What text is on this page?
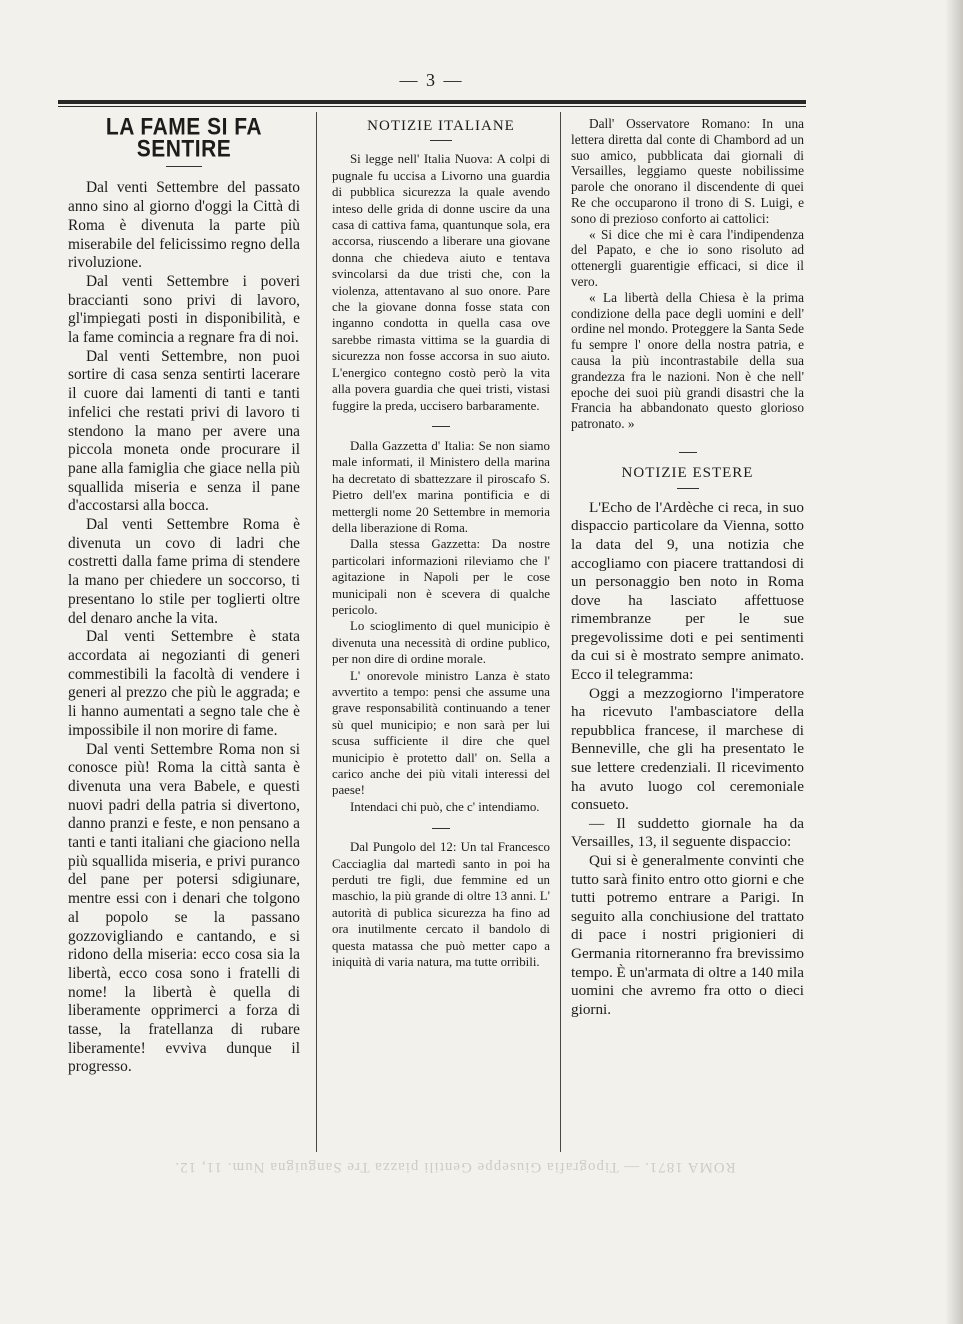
— 3 —
LA FAME SI FA SENTIRE

Dal venti Settembre del passato anno sino al giorno d'oggi la Città di Roma è divenuta la parte più miserabile del felicissimo regno della rivoluzione.

Dal venti Settembre i poveri braccianti sono privi di lavoro, gl'impiegati posti in disponibilità, e la fame comincia a regnare fra di noi.

Dal venti Settembre, non puoi sortire di casa senza sentirti lacerare il cuore dai lamenti di tanti e tanti infelici che restati privi di lavoro ti stendono la mano per avere una piccola moneta onde procurare il pane alla famiglia che giace nella più squallida miseria e senza il pane d'accostarsi alla bocca.

Dal venti Settembre Roma è divenuta un covo di ladri che costretti dalla fame prima di stendere la mano per chiedere un soccorso, ti presentano lo stile per toglierti oltre del denaro anche la vita.

Dal venti Settembre è stata accordata ai negozianti di generi commestibili la facoltà di vendere i generi al prezzo che più le aggrada; e li hanno aumentati a segno tale che è impossibile il non morire di fame.

Dal venti Settembre Roma non si conosce più! Roma la città santa è divenuta una vera Babele, e questi nuovi padri della patria si divertono, danno pranzi e feste, e non pensano a tanti e tanti italiani che giaciono nella più squallida miseria, e privi puranco del pane per potersi sdigiunare, mentre essi con i denari che tolgono al popolo se la passano gozzovigliando e cantando, e si ridono della miseria: ecco cosa sia la libertà, ecco cosa sono i fratelli di nome! la libertà è quella di liberamente opprimerci a forza di tasse, la fratellanza di rubare liberamente! evviva dunque il progresso.

NOTIZIE ITALIANE

Si legge nell' Italia Nuova: A colpi di pugnale fu uccisa a Livorno una guardia di pubblica sicurezza la quale avendo inteso delle grida di donne uscire da una casa di cattiva fama, quantunque sola, era accorsa, riuscendo a liberare una giovane donna che chiedeva aiuto e tentava svincolarsi da due tristi che, con la violenza, attentavano al suo onore. Pare che la giovane donna fosse stata con inganno condotta in quella casa ove sarebbe rimasta vittima se la guardia di sicurezza non fosse accorsa in suo aiuto. L'energico contegno costò però la vita alla povera guardia che quei tristi, vistasi fuggire la preda, uccisero barbaramente.

Dalla Gazzetta d' Italia: Se non siamo male informati, il Ministero della marina ha decretato di sbattezzare il piroscafo S. Pietro dell'ex marina pontificia e di mettergli nome 20 Settembre in memoria della liberazione di Roma.

Dalla stessa Gazzetta: Da nostre particolari informazioni rileviamo che l' agitazione in Napoli per le cose municipali non è scevera di qualche pericolo.

Lo scioglimento di quel municipio è divenuta una necessità di ordine publico, per non dire di ordine morale.

L' onorevole ministro Lanza è stato avvertito a tempo: pensi che assume una grave responsabilità continuando a tener sù quel municipio; e non sarà per lui scusa sufficiente il dire che quel municipio è protetto dall' on. Sella a carico anche dei più vitali interessi del paese!

Intendaci chi può, che c' intendiamo.

Dal Pungolo del 12: Un tal Francesco Cacciaglia dal martedì santo in poi ha perduti tre figli, due femmine ed un maschio, la più grande di oltre 13 anni. L' autorità di publica sicurezza ha fino ad ora inutilmente cercato il bandolo di questa matassa che può metter capo a iniquità di varia natura, ma tutte orribili.

Dall' Osservatore Romano: In una lettera diretta dal conte di Chambord ad un suo amico, pubblicata dai giornali di Versailles, leggiamo queste nobilissime parole che onorano il discendente di quei Re che occuparono il trono di S. Luigi, e sono di prezioso conforto ai cattolici:

« Si dice che mi è cara l'indipendenza del Papato, e che io sono risoluto ad ottenergli guarentigie efficaci, si dice il vero.

« La libertà della Chiesa è la prima condizione della pace degli uomini e dell' ordine nel mondo. Proteggere la Santa Sede fu sempre l' onore della nostra patria, e causa la più incontrastabile della sua grandezza fra le nazioni. Non è che nell' epoche dei suoi più grandi disastri che la Francia ha abbandonato questo glorioso patronato. »

NOTIZIE ESTERE

L'Echo de l'Ardèche ci reca, in suo dispaccio particolare da Vienna, sotto la data del 9, una notizia che accogliamo con piacere trattandosi di un personaggio ben noto in Roma dove ha lasciato affettuose rimembranze per le sue pregevolissime doti e pei sentimenti da cui si è mostrato sempre animato. Ecco il telegramma:

Oggi a mezzogiorno l'imperatore ha ricevuto l'ambasciatore della repubblica francese, il marchese di Benneville, che gli ha presentato le sue lettere credenziali. Il ricevimento ha avuto luogo col ceremoniale consueto.

— Il suddetto giornale ha da Versailles, 13, il seguente dispaccio:

Qui si è generalmente convinti che tutto sarà finito entro otto giorni e che tutti potremo entrare a Parigi. In seguito alla conchiusione del trattato di pace i nostri prigionieri di Germania ritorneranno fra brevissimo tempo. È un'armata di oltre a 140 mila uomini che avremo fra otto o dieci giorni.

ROMA 1871. — Tipografia Giuseppe Gentili piazza Tre Sanguigna Num. 11, 12.
